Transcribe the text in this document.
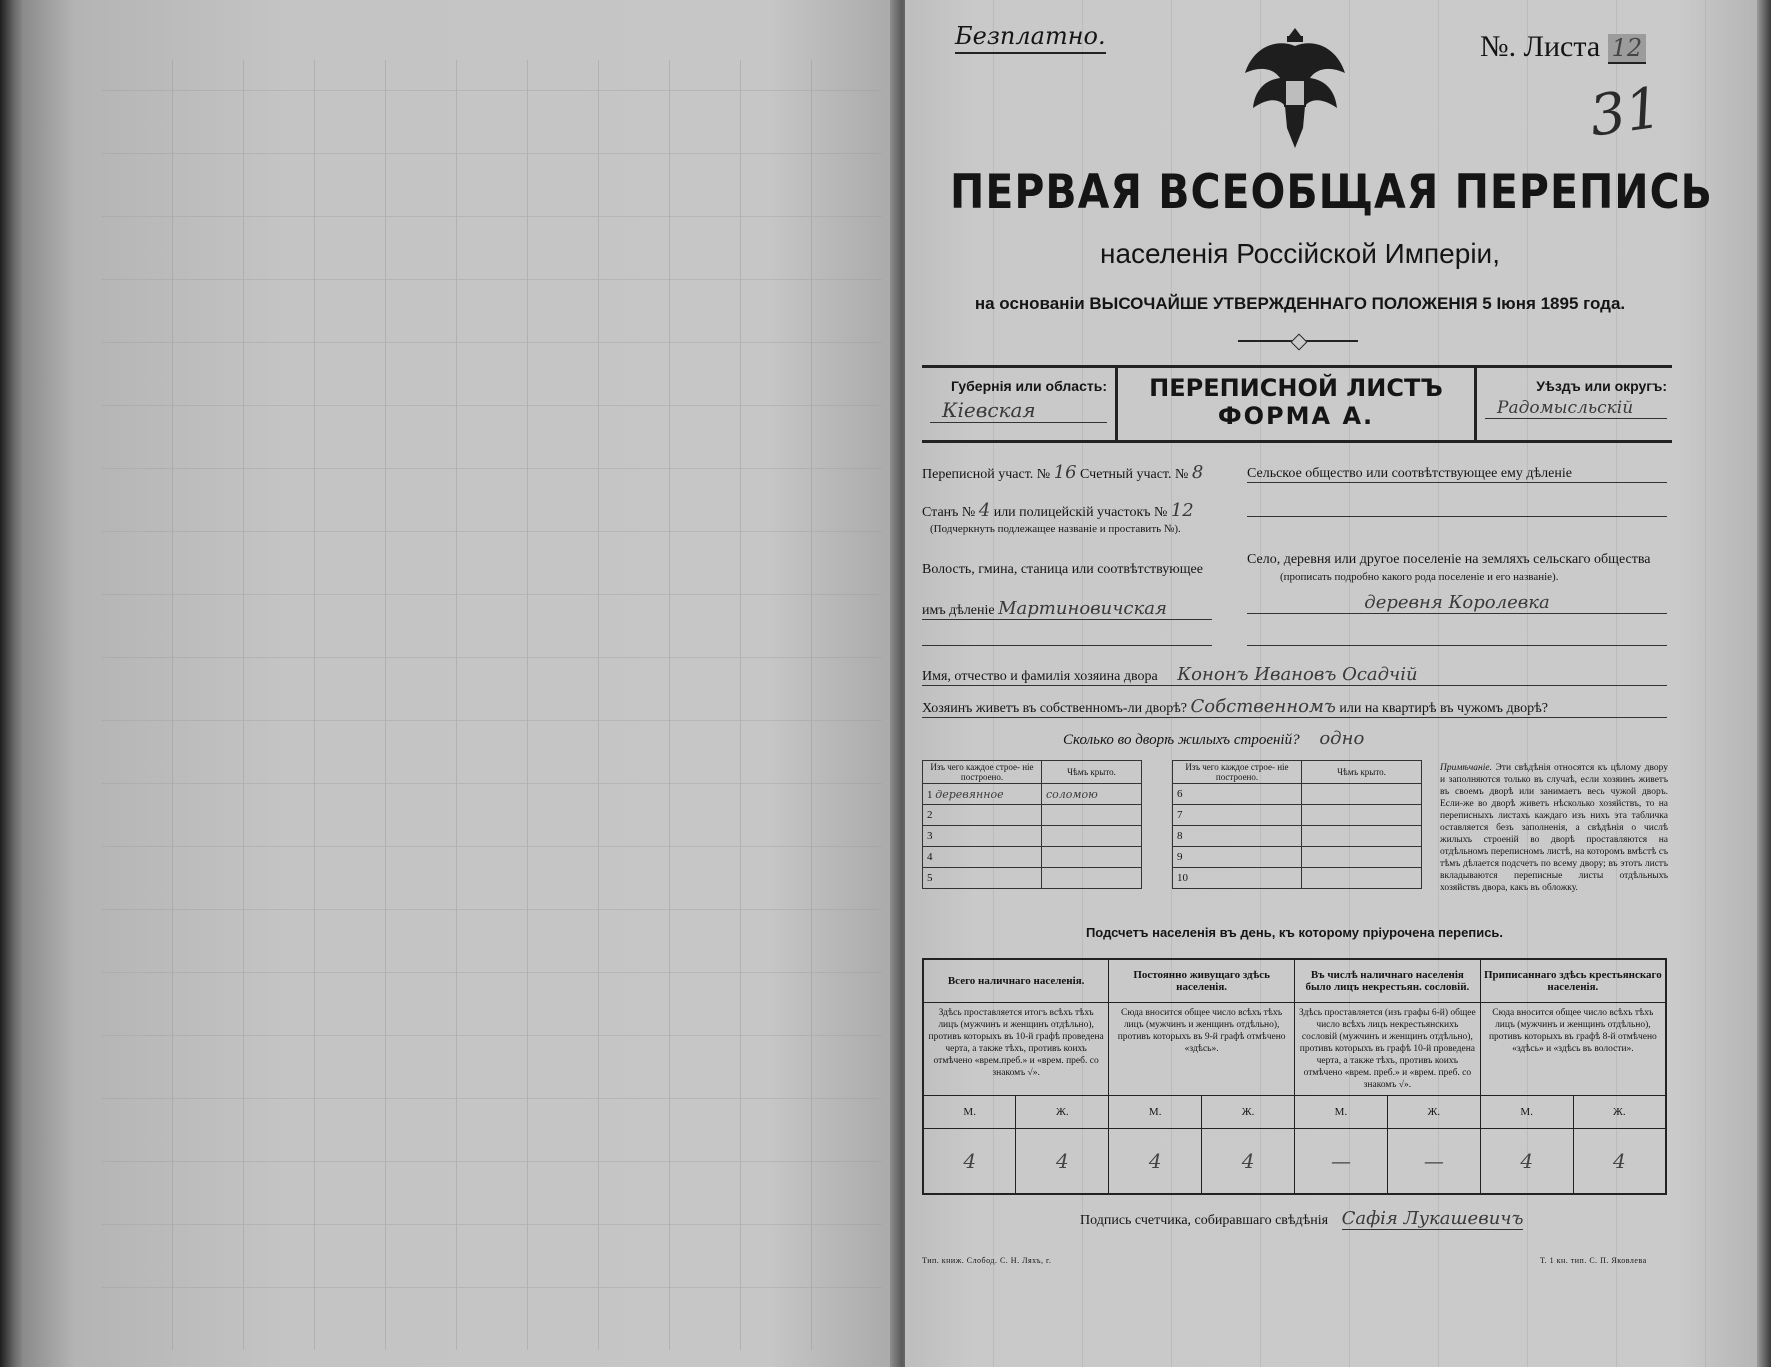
Безплатно.	№. Листа 12
31
ПЕРВАЯ ВСЕОБЩАЯ ПЕРЕПИСЬ
населенія Россійской Имперіи,
на основаніи ВЫСОЧАЙШЕ УТВЕРЖДЕННАГО ПОЛОЖЕНІЯ 5 Іюня 1895 года.
Губернія или область:
Кіевская
ПЕРЕПИСНОЙ ЛИСТЪ
ФОРМА А.
Уѣздъ или округъ:
Радомысльскій
Переписной участ. № 16 Счетный участ. № 8
Станъ № 4 или полицейскій участокъ № 12
(Подчеркнуть подлежащее названіе и проставить №).
Волость, гмина, станица или соотвѣтствующее
имъ дѣленіе Мартиновичская
Сельское общество или соотвѣтствующее ему дѣленіе
Село, деревня или другое поселеніе на земляхъ сельскаго общества
(прописать подробно какого рода поселеніе и его названіе).
деревня Королевка
Имя, отчество и фамилія хозяина двора Кононъ Ивановъ Осадчій
Хозяинъ живетъ въ собственномъ-ли дворѣ? Собственномъ или на квартирѣ въ чужомъ дворѣ?
Сколько во дворѣ жилыхъ строеній? одно
Изъ чего каждое строе- ніе построено.	Чѣмъ крыто.
1 деревянное	соломою
2	
3	
4	
5	
Изъ чего каждое строе- ніе построено.	Чѣмъ крыто.
6	
7	
8	
9	
10	
Примѣчаніе. Эти свѣдѣнія относятся къ цѣлому двору и заполняются только въ случаѣ, если хозяинъ живетъ въ своемъ дворѣ или занимаетъ весь чужой дворъ. Если-же во дворѣ живетъ нѣсколько хозяйствъ, то на переписныхъ листахъ каждаго изъ нихъ эта табличка оставляется безъ заполненія, а свѣдѣнія о числѣ жилыхъ строеній во дворѣ проставляются на отдѣльномъ переписномъ листѣ, на которомъ вмѣстѣ съ тѣмъ дѣлается подсчетъ по всему двору; въ этотъ листъ вкладываются переписные листы отдѣльныхъ хозяйствъ двора, какъ въ обложку.
Подсчетъ населенія въ день, къ которому пріурочена перепись.
Всего наличнаго населенія.		Постоянно живущаго здѣсь населенія.		Въ числѣ наличнаго населенія было лицъ некрестьян. сословій.		Приписаннаго здѣсь крестьянскаго населенія.	
Здѣсь проставляется итогъ всѣхъ тѣхъ лицъ (мужчинъ и женщинъ отдѣльно), противъ которыхъ въ 10-й графѣ проведена черта, а также тѣхъ, противъ коихъ отмѣчено «врем.преб.» и «врем. преб. со знакомъ √».		Сюда вносится общее число всѣхъ тѣхъ лицъ (мужчинъ и женщинъ отдѣльно), противъ которыхъ въ 9-й графѣ отмѣчено «здѣсь».		Здѣсь проставляется (изъ графы 6-й) общее число всѣхъ лицъ некрестьянскихъ сословій (мужчинъ и женщинъ отдѣльно), противъ которыхъ въ графѣ 10-й проведена черта, а также тѣхъ, противъ коихъ отмѣчено «врем. преб.» и «врем. преб. со знакомъ √».		Сюда вносится общее число всѣхъ тѣхъ лицъ (мужчинъ и женщинъ отдѣльно), противъ которыхъ въ графѣ 8-й отмѣчено «здѣсь» и «здѣсь въ волости».	
М.	Ж.	М.	Ж.	М.	Ж.	М.	Ж.
4	4	4	4	—	—	4	4
Подпись счетчика, собиравшаго свѣдѣнія Сафія Лукашевичъ
Тип. книж. Слобод. С. Н. Ляхъ, г.	Т. 1 кн. тип. С. П. Яковлева
